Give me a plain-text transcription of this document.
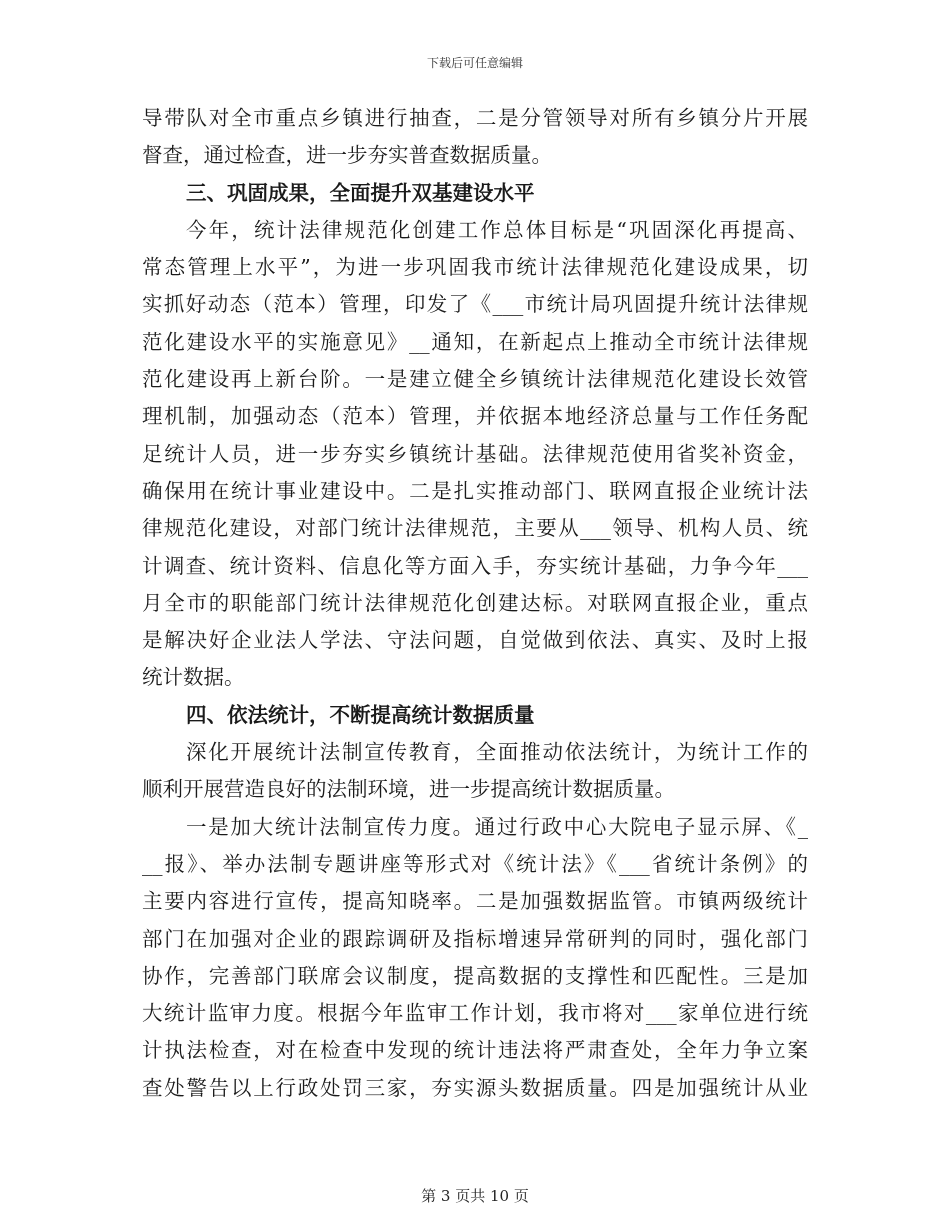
下载后可任意编辑
导带队对全市重点乡镇进行抽查，二是分管领导对所有乡镇分片开展
督查，通过检查，进一步夯实普查数据质量。
三、巩固成果，全面提升双基建设水平
今年，统计法律规范化创建工作总体目标是“巩固深化再提高、
常态管理上水平”，为进一步巩固我市统计法律规范化建设成果，切
实抓好动态（范本）管理，印发了《___市统计局巩固提升统计法律规
范化建设水平的实施意见》__通知，在新起点上推动全市统计法律规
范化建设再上新台阶。一是建立健全乡镇统计法律规范化建设长效管
理机制，加强动态（范本）管理，并依据本地经济总量与工作任务配
足统计人员，进一步夯实乡镇统计基础。法律规范使用省奖补资金，
确保用在统计事业建设中。二是扎实推动部门、联网直报企业统计法
律规范化建设，对部门统计法律规范，主要从___领导、机构人员、统
计调查、统计资料、信息化等方面入手，夯实统计基础，力争今年___
月全市的职能部门统计法律规范化创建达标。对联网直报企业，重点
是解决好企业法人学法、守法问题，自觉做到依法、真实、及时上报
统计数据。
四、依法统计，不断提高统计数据质量
深化开展统计法制宣传教育，全面推动依法统计，为统计工作的
顺利开展营造良好的法制环境，进一步提高统计数据质量。
一是加大统计法制宣传力度。通过行政中心大院电子显示屏、《_
__报》、举办法制专题讲座等形式对《统计法》《___省统计条例》的
主要内容进行宣传，提高知晓率。二是加强数据监管。市镇两级统计
部门在加强对企业的跟踪调研及指标增速异常研判的同时，强化部门
协作，完善部门联席会议制度，提高数据的支撑性和匹配性。三是加
大统计监审力度。根据今年监审工作计划，我市将对___家单位进行统
计执法检查，对在检查中发现的统计违法将严肃查处，全年力争立案
查处警告以上行政处罚三家，夯实源头数据质量。四是加强统计从业
第 3 页共 10 页
